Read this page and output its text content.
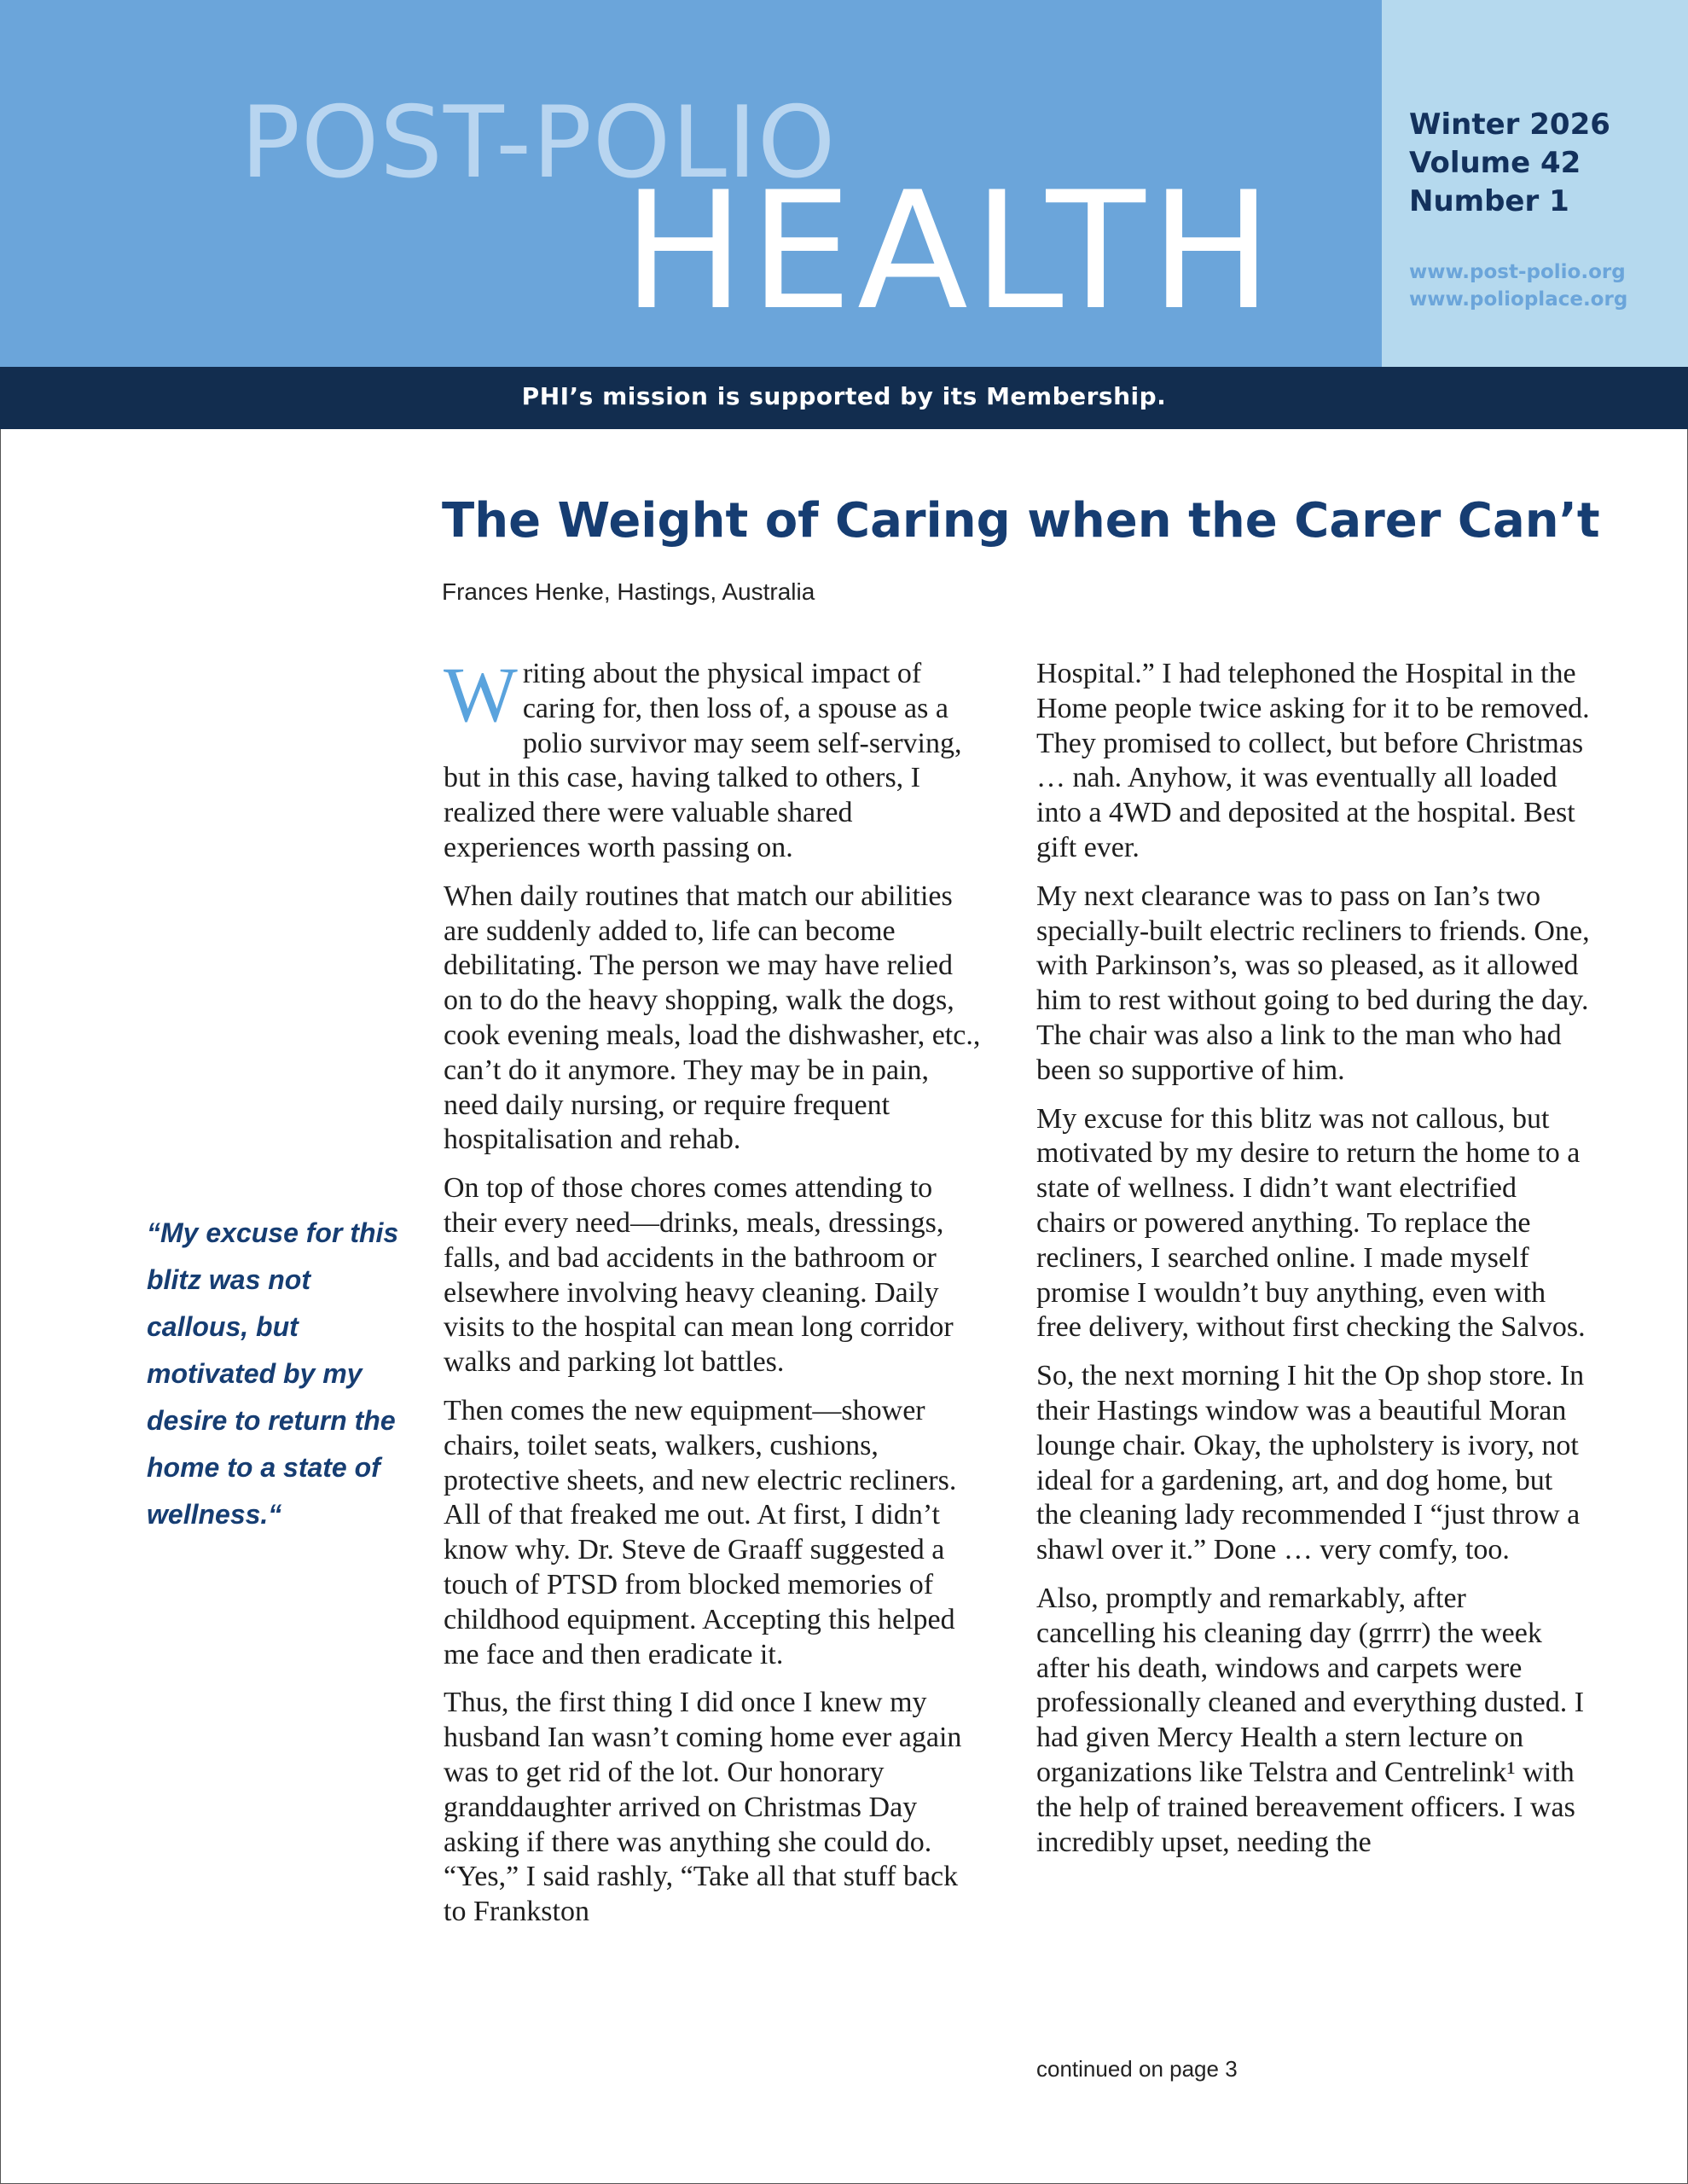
POST-POLIO
HEALTH
Winter 2026
Volume 42
Number 1
www.post-polio.org
www.polioplace.org
PHI’s mission is supported by its Membership.
The Weight of Caring when the Carer Can’t
Frances Henke, Hastings, Australia
“My excuse for this blitz was not callous, but motivated by my desire to return the home to a state of wellness.“

Writing about the physical impact of caring for, then loss of, a spouse as a polio survivor may seem self-serving, but in this case, having talked to others, I realized there were valuable shared experiences worth passing on.

When daily routines that match our abilities are suddenly added to, life can become debilitating. The person we may have relied on to do the heavy shopping, walk the dogs, cook evening meals, load the dishwasher, etc., can’t do it anymore. They may be in pain, need daily nursing, or require frequent hospitalisation and rehab.

On top of those chores comes attending to their every need—drinks, meals, dressings, falls, and bad accidents in the bathroom or elsewhere involving heavy cleaning. Daily visits to the hospital can mean long corridor walks and parking lot battles.

Then comes the new equipment—shower chairs, toilet seats, walkers, cushions, protective sheets, and new electric recliners. All of that freaked me out. At first, I didn’t know why. Dr. Steve de Graaff suggested a touch of PTSD from blocked memories of childhood equipment. Accepting this helped me face and then eradicate it.

Thus, the first thing I did once I knew my husband Ian wasn’t coming home ever again was to get rid of the lot. Our honorary granddaughter arrived on Christmas Day asking if there was anything she could do. “Yes,” I said rashly, “Take all that stuff back to Frankston

Hospital.” I had telephoned the Hospital in the Home people twice asking for it to be removed. They promised to collect, but before Christmas … nah. Anyhow, it was eventually all loaded into a 4WD and deposited at the hospital. Best gift ever.

My next clearance was to pass on Ian’s two specially-built electric recliners to friends. One, with Parkinson’s, was so pleased, as it allowed him to rest without going to bed during the day. The chair was also a link to the man who had been so supportive of him.

My excuse for this blitz was not callous, but motivated by my desire to return the home to a state of wellness. I didn’t want electrified chairs or powered anything. To replace the recliners, I searched online. I made myself promise I wouldn’t buy anything, even with free delivery, without first checking the Salvos.

So, the next morning I hit the Op shop store. In their Hastings window was a beautiful Moran lounge chair. Okay, the upholstery is ivory, not ideal for a gardening, art, and dog home, but the cleaning lady recommended I “just throw a shawl over it.” Done … very comfy, too.

Also, promptly and remarkably, after cancelling his cleaning day (grrrr) the week after his death, windows and carpets were professionally cleaned and everything dusted. I had given Mercy Health a stern lecture on organizations like Telstra and Centrelink¹ with the help of trained bereavement officers. I was incredibly upset, needing the

continued on page 3
